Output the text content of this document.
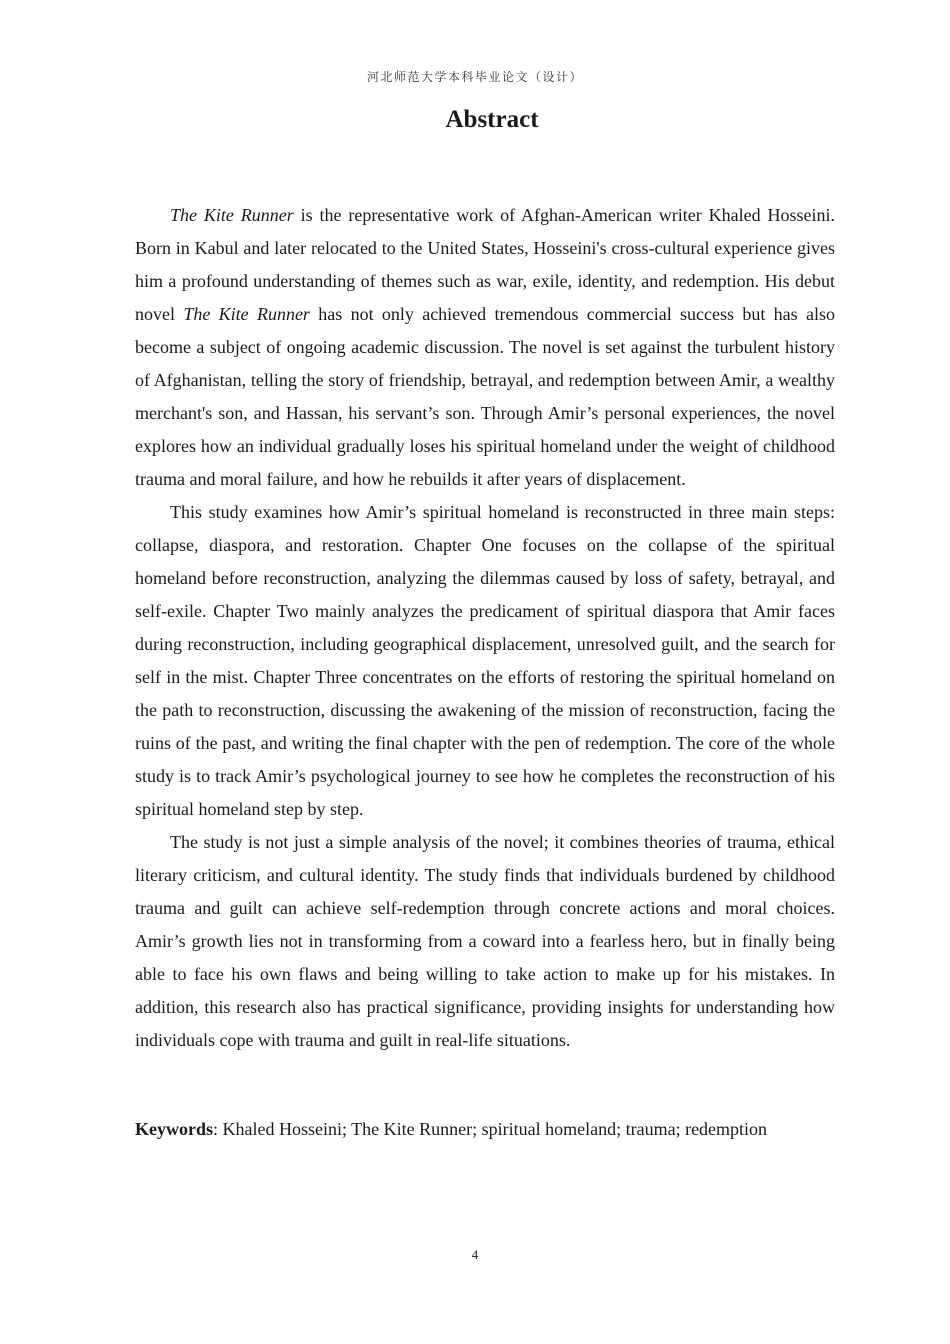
河北师范大学本科毕业论文（设计）

Abstract

The Kite Runner is the representative work of Afghan-American writer Khaled Hosseini. Born in Kabul and later relocated to the United States, Hosseini's cross-cultural experience gives him a profound understanding of themes such as war, exile, identity, and redemption. His debut novel The Kite Runner has not only achieved tremendous commercial success but has also become a subject of ongoing academic discussion. The novel is set against the turbulent history of Afghanistan, telling the story of friendship, betrayal, and redemption between Amir, a wealthy merchant's son, and Hassan, his servant’s son. Through Amir’s personal experiences, the novel explores how an individual gradually loses his spiritual homeland under the weight of childhood trauma and moral failure, and how he rebuilds it after years of displacement.

This study examines how Amir’s spiritual homeland is reconstructed in three main steps: collapse, diaspora, and restoration. Chapter One focuses on the collapse of the spiritual homeland before reconstruction, analyzing the dilemmas caused by loss of safety, betrayal, and self-exile. Chapter Two mainly analyzes the predicament of spiritual diaspora that Amir faces during reconstruction, including geographical displacement, unresolved guilt, and the search for self in the mist. Chapter Three concentrates on the efforts of restoring the spiritual homeland on the path to reconstruction, discussing the awakening of the mission of reconstruction, facing the ruins of the past, and writing the final chapter with the pen of redemption. The core of the whole study is to track Amir’s psychological journey to see how he completes the reconstruction of his spiritual homeland step by step.

The study is not just a simple analysis of the novel; it combines theories of trauma, ethical literary criticism, and cultural identity. The study finds that individuals burdened by childhood trauma and guilt can achieve self-redemption through concrete actions and moral choices. Amir’s growth lies not in transforming from a coward into a fearless hero, but in finally being able to face his own flaws and being willing to take action to make up for his mistakes. In addition, this research also has practical significance, providing insights for understanding how individuals cope with trauma and guilt in real-life situations.

Keywords: Khaled Hosseini; The Kite Runner; spiritual homeland; trauma; redemption

4
